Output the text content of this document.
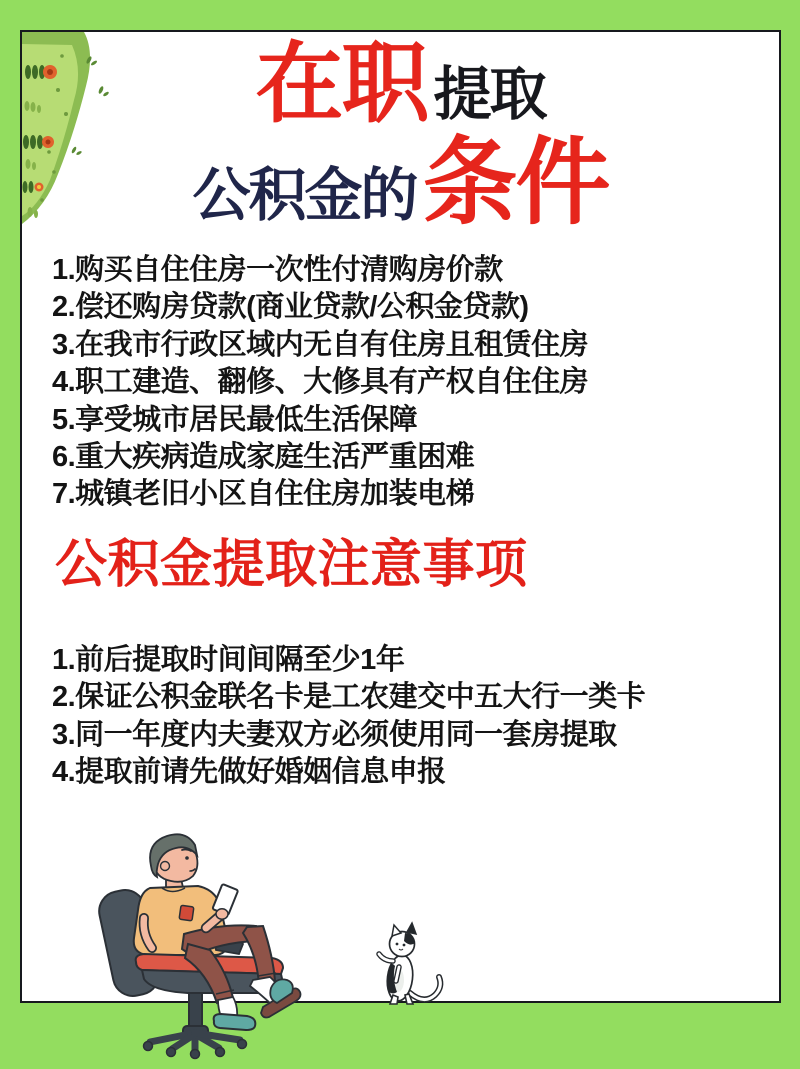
在职 提取
公积金的 条件
1.购买自住住房一次性付清购房价款
2.偿还购房贷款(商业贷款/公积金贷款)
3.在我市行政区域内无自有住房且租赁住房
4.职工建造、翻修、大修具有产权自住住房
5.享受城市居民最低生活保障
6.重大疾病造成家庭生活严重困难
7.城镇老旧小区自住住房加装电梯
公积金提取注意事项
1.前后提取时间间隔至少1年
2.保证公积金联名卡是工农建交中五大行一类卡
3.同一年度内夫妻双方必须使用同一套房提取
4.提取前请先做好婚姻信息申报
